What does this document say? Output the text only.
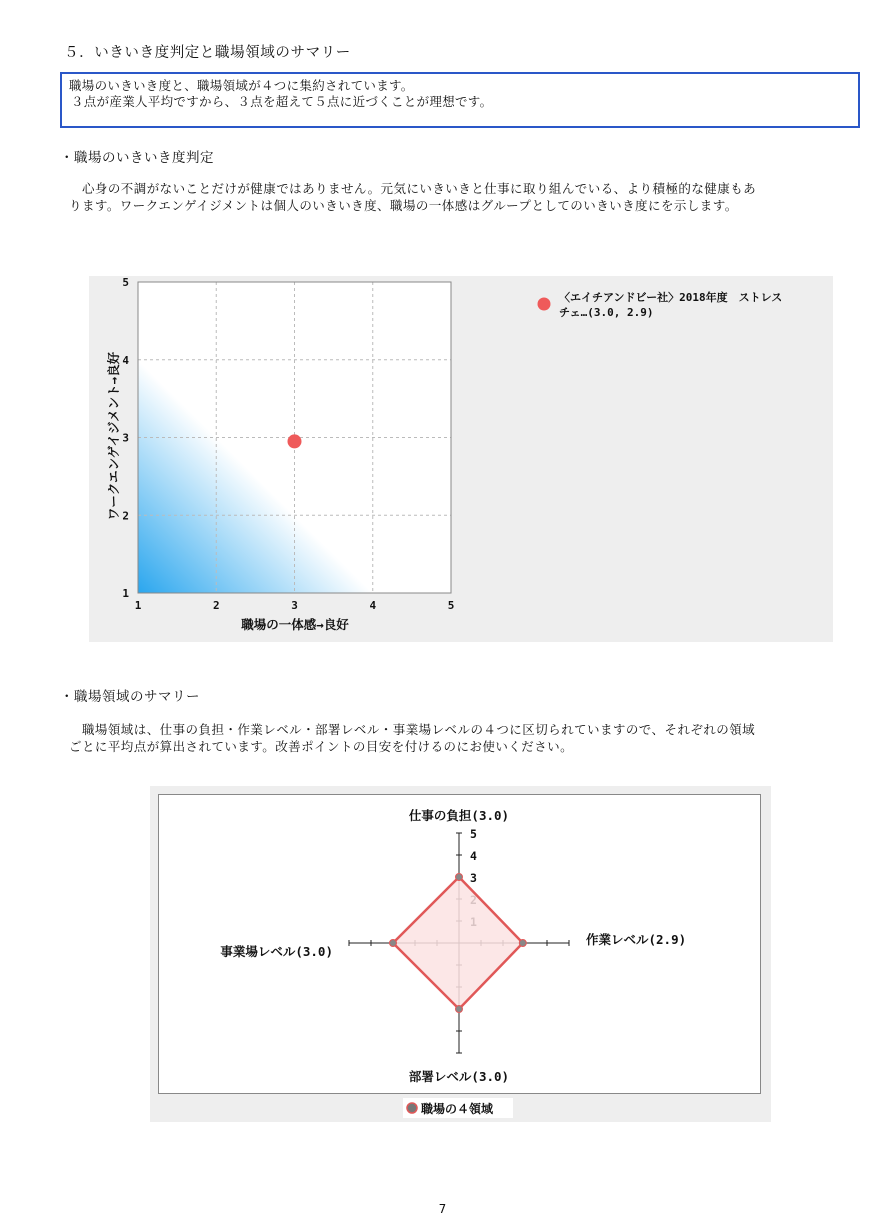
５．いきいき度判定と職場領域のサマリー
職場のいきいき度と、職場領域が４つに集約されています。
３点が産業人平均ですから、３点を超えて５点に近づくことが理想です。
・職場のいきいき度判定
　心身の不調がないことだけが健康ではありません。元気にいきいきと仕事に取り組んでいる、より積極的な健康もあ
ります。ワークエンゲイジメントは個人のいきいき度、職場の一体感はグループとしてのいきいき度にを示します。
1	2	3	4	5
1
2
3
4
5
ワークエンゲイジメント→良好
職場の一体感→良好
〈エイチアンドビー社〉2018年度　ストレスチェ…(3.0, 2.9)
・職場領域のサマリー
　職場領域は、仕事の負担・作業レベル・部署レベル・事業場レベルの４つに区切られていますので、それぞれの領域
ごとに平均点が算出されています。改善ポイントの目安を付けるのにお使いください。
3
4
5
仕事の負担(3.0)
作業レベル(2.9)
部署レベル(3.0)
事業場レベル(3.0)
職場の４領域
7
